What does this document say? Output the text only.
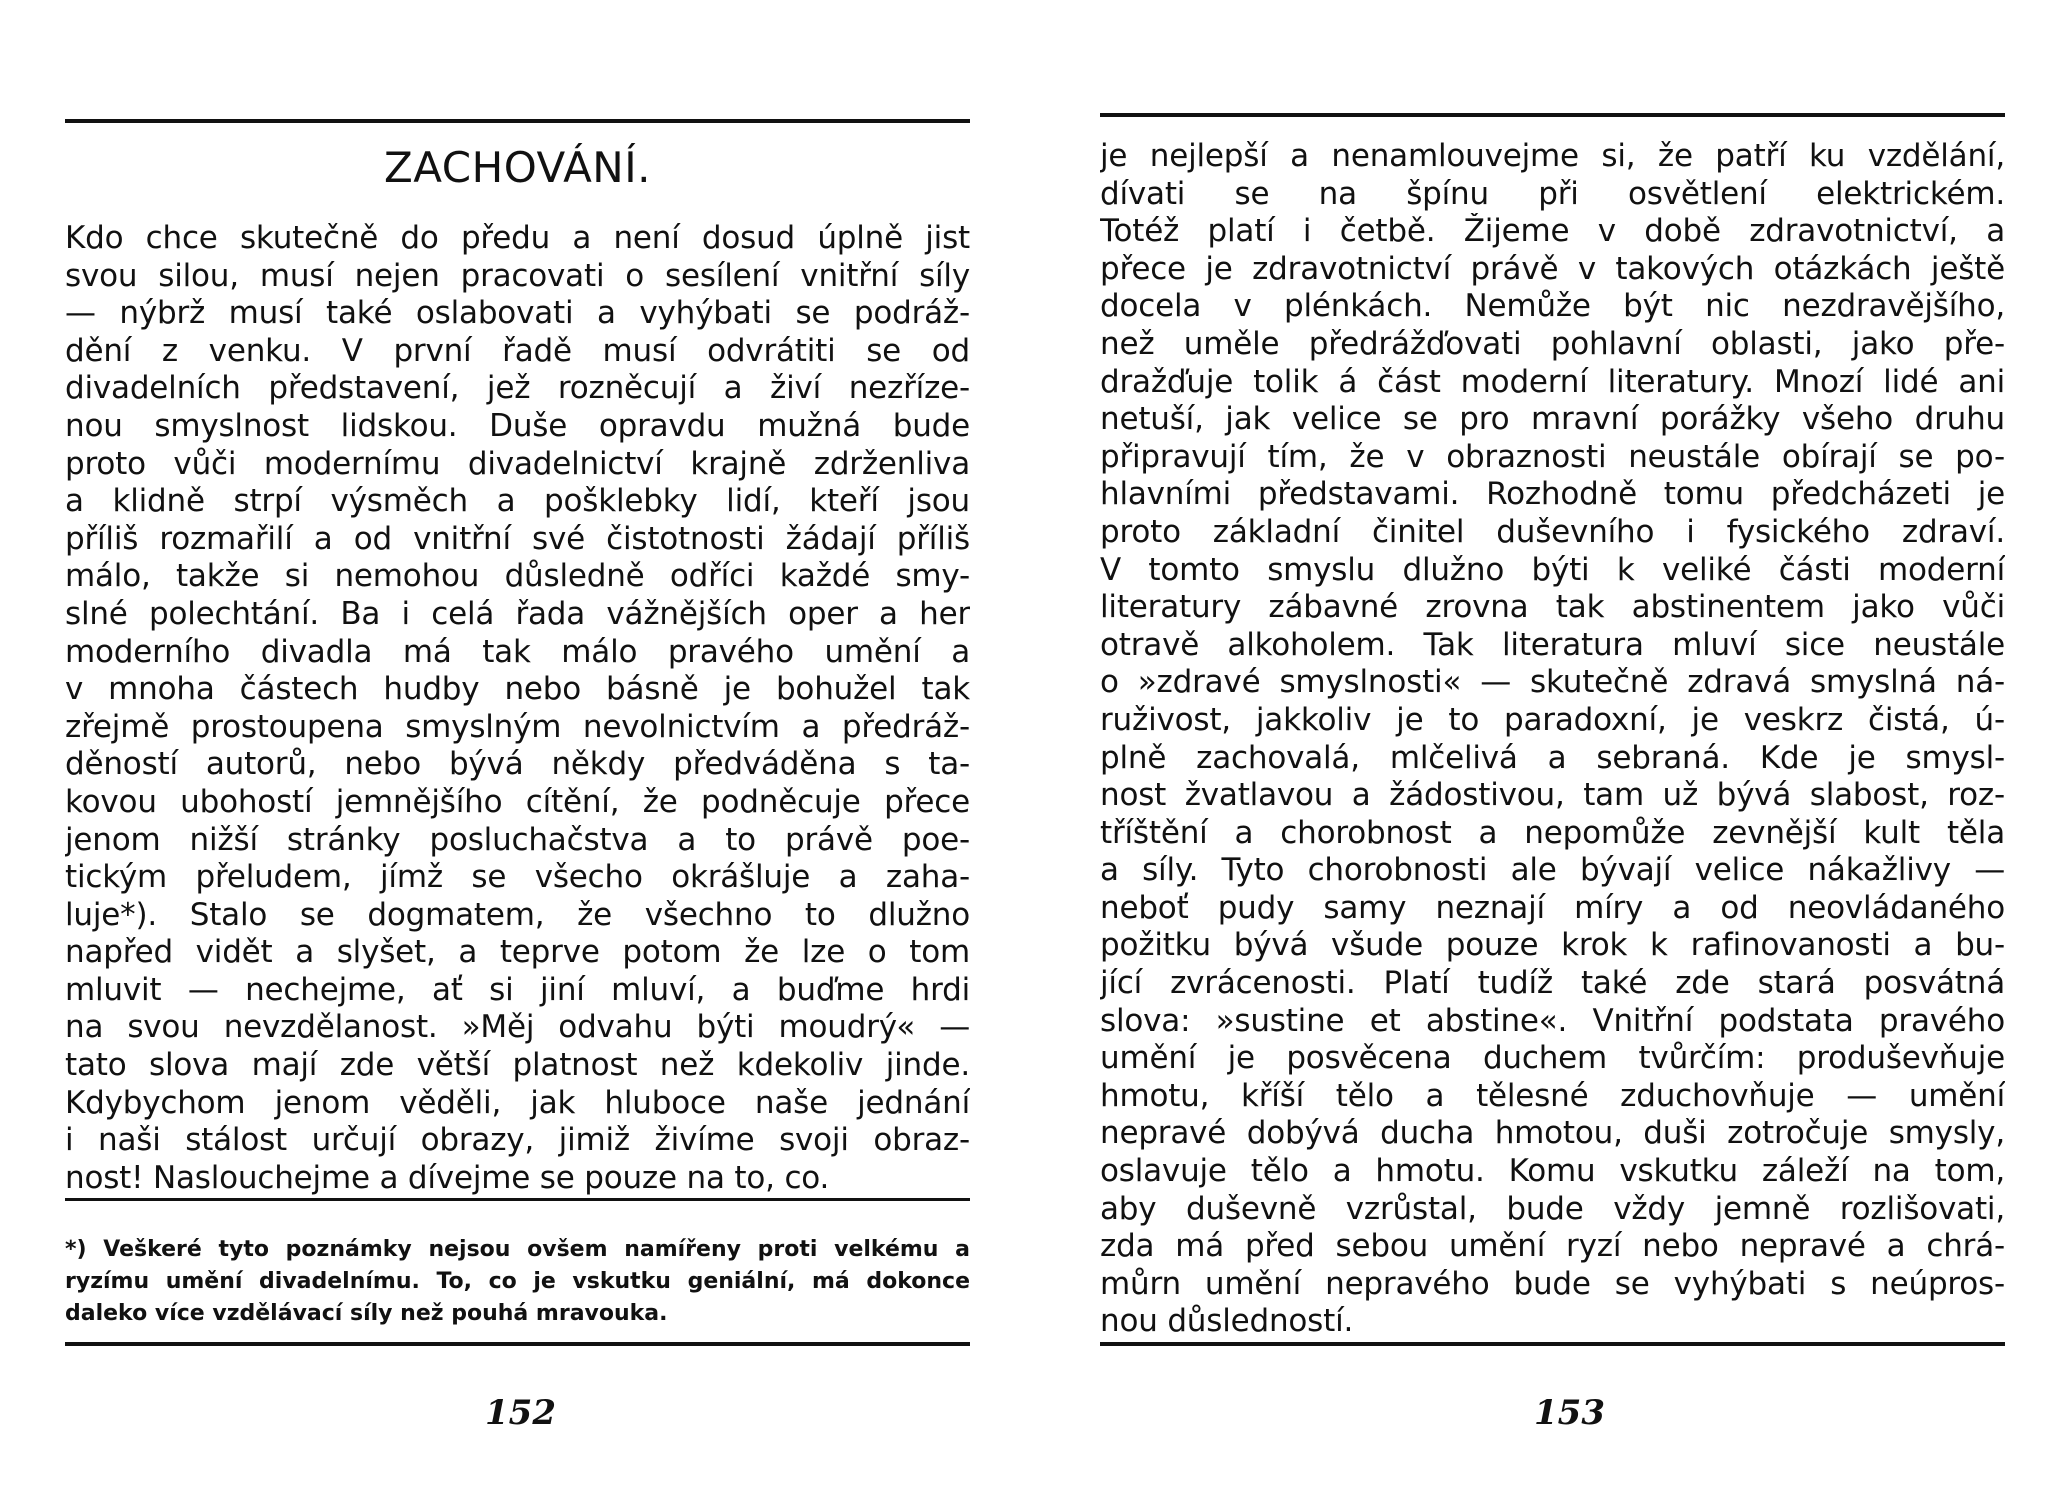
ZACHOVÁNÍ.
Kdo chce skutečně do předu a není dosud úplně jist
svou silou, musí nejen pracovati o sesílení vnitřní síly
— nýbrž musí také oslabovati a vyhýbati se podráž-
dění z venku. V první řadě musí odvrátiti se od
divadelních představení, jež rozněcují a živí nezříze-
nou smyslnost lidskou. Duše opravdu mužná bude
proto vůči modernímu divadelnictví krajně zdrženliva
a klidně strpí výsměch a pošklebky lidí, kteří jsou
příliš rozmařilí a od vnitřní své čistotnosti žádají příliš
málo, takže si nemohou důsledně odříci každé smy-
slné polechtání. Ba i celá řada vážnějších oper a her
moderního divadla má tak málo pravého umění a
v mnoha částech hudby nebo básně je bohužel tak
zřejmě prostoupena smyslným nevolnictvím a předráž-
děností autorů, nebo bývá někdy předváděna s ta-
kovou ubohostí jemnějšího cítění, že podněcuje přece
jenom nižší stránky posluchačstva a to právě poe-
tickým přeludem, jímž se všecho okrášluje a zaha-
luje*). Stalo se dogmatem, že všechno to dlužno
napřed vidět a slyšet, a teprve potom že lze o tom
mluvit — nechejme, ať si jiní mluví, a buďme hrdi
na svou nevzdělanost. »Měj odvahu býti moudrý« —
tato slova mají zde větší platnost než kdekoliv jinde.
Kdybychom jenom věděli, jak hluboce naše jednání
i naši stálost určují obrazy, jimiž živíme svoji obraz-
nost! Naslouchejme a dívejme se pouze na to, co.
*) Veškeré tyto poznámky nejsou ovšem namířeny proti velkému a
ryzímu umění divadelnímu. To, co je vskutku geniální, má dokonce
daleko více vzdělávací síly než pouhá mravouka.
152
je nejlepší a nenamlouvejme si, že patří ku vzdělání,
dívati se na špínu při osvětlení elektrickém.
Totéž platí i četbě. Žijeme v době zdravotnictví, a
přece je zdravotnictví právě v takových otázkách ještě
docela v plénkách. Nemůže být nic nezdravějšího,
než uměle předrážďovati pohlavní oblasti, jako pře-
dražďuje tolik á část moderní literatury. Mnozí lidé ani
netuší, jak velice se pro mravní porážky všeho druhu
připravují tím, že v obraznosti neustále obírají se po-
hlavními představami. Rozhodně tomu předcházeti je
proto základní činitel duševního i fysického zdraví.
V tomto smyslu dlužno býti k veliké části moderní
literatury zábavné zrovna tak abstinentem jako vůči
otravě alkoholem. Tak literatura mluví sice neustále
o »zdravé smyslnosti« — skutečně zdravá smyslná ná-
ruživost, jakkoliv je to paradoxní, je veskrz čistá, ú-
plně zachovalá, mlčelivá a sebraná. Kde je smysl-
nost žvatlavou a žádostivou, tam už bývá slabost, roz-
tříštění a chorobnost a nepomůže zevnější kult těla
a síly. Tyto chorobnosti ale bývají velice nákažlivy —
neboť pudy samy neznají míry a od neovládaného
požitku bývá všude pouze krok k rafinovanosti a bu-
jící zvrácenosti. Platí tudíž také zde stará posvátná
slova: »sustine et abstine«. Vnitřní podstata pravého
umění je posvěcena duchem tvůrčím: produševňuje
hmotu, kříší tělo a tělesné zduchovňuje — umění
nepravé dobývá ducha hmotou, duši zotročuje smysly,
oslavuje tělo a hmotu. Komu vskutku záleží na tom,
aby duševně vzrůstal, bude vždy jemně rozlišovati,
zda má před sebou umění ryzí nebo nepravé a chrá-
můrn umění nepravého bude se vyhýbati s neúpros-
nou důsledností.
153
